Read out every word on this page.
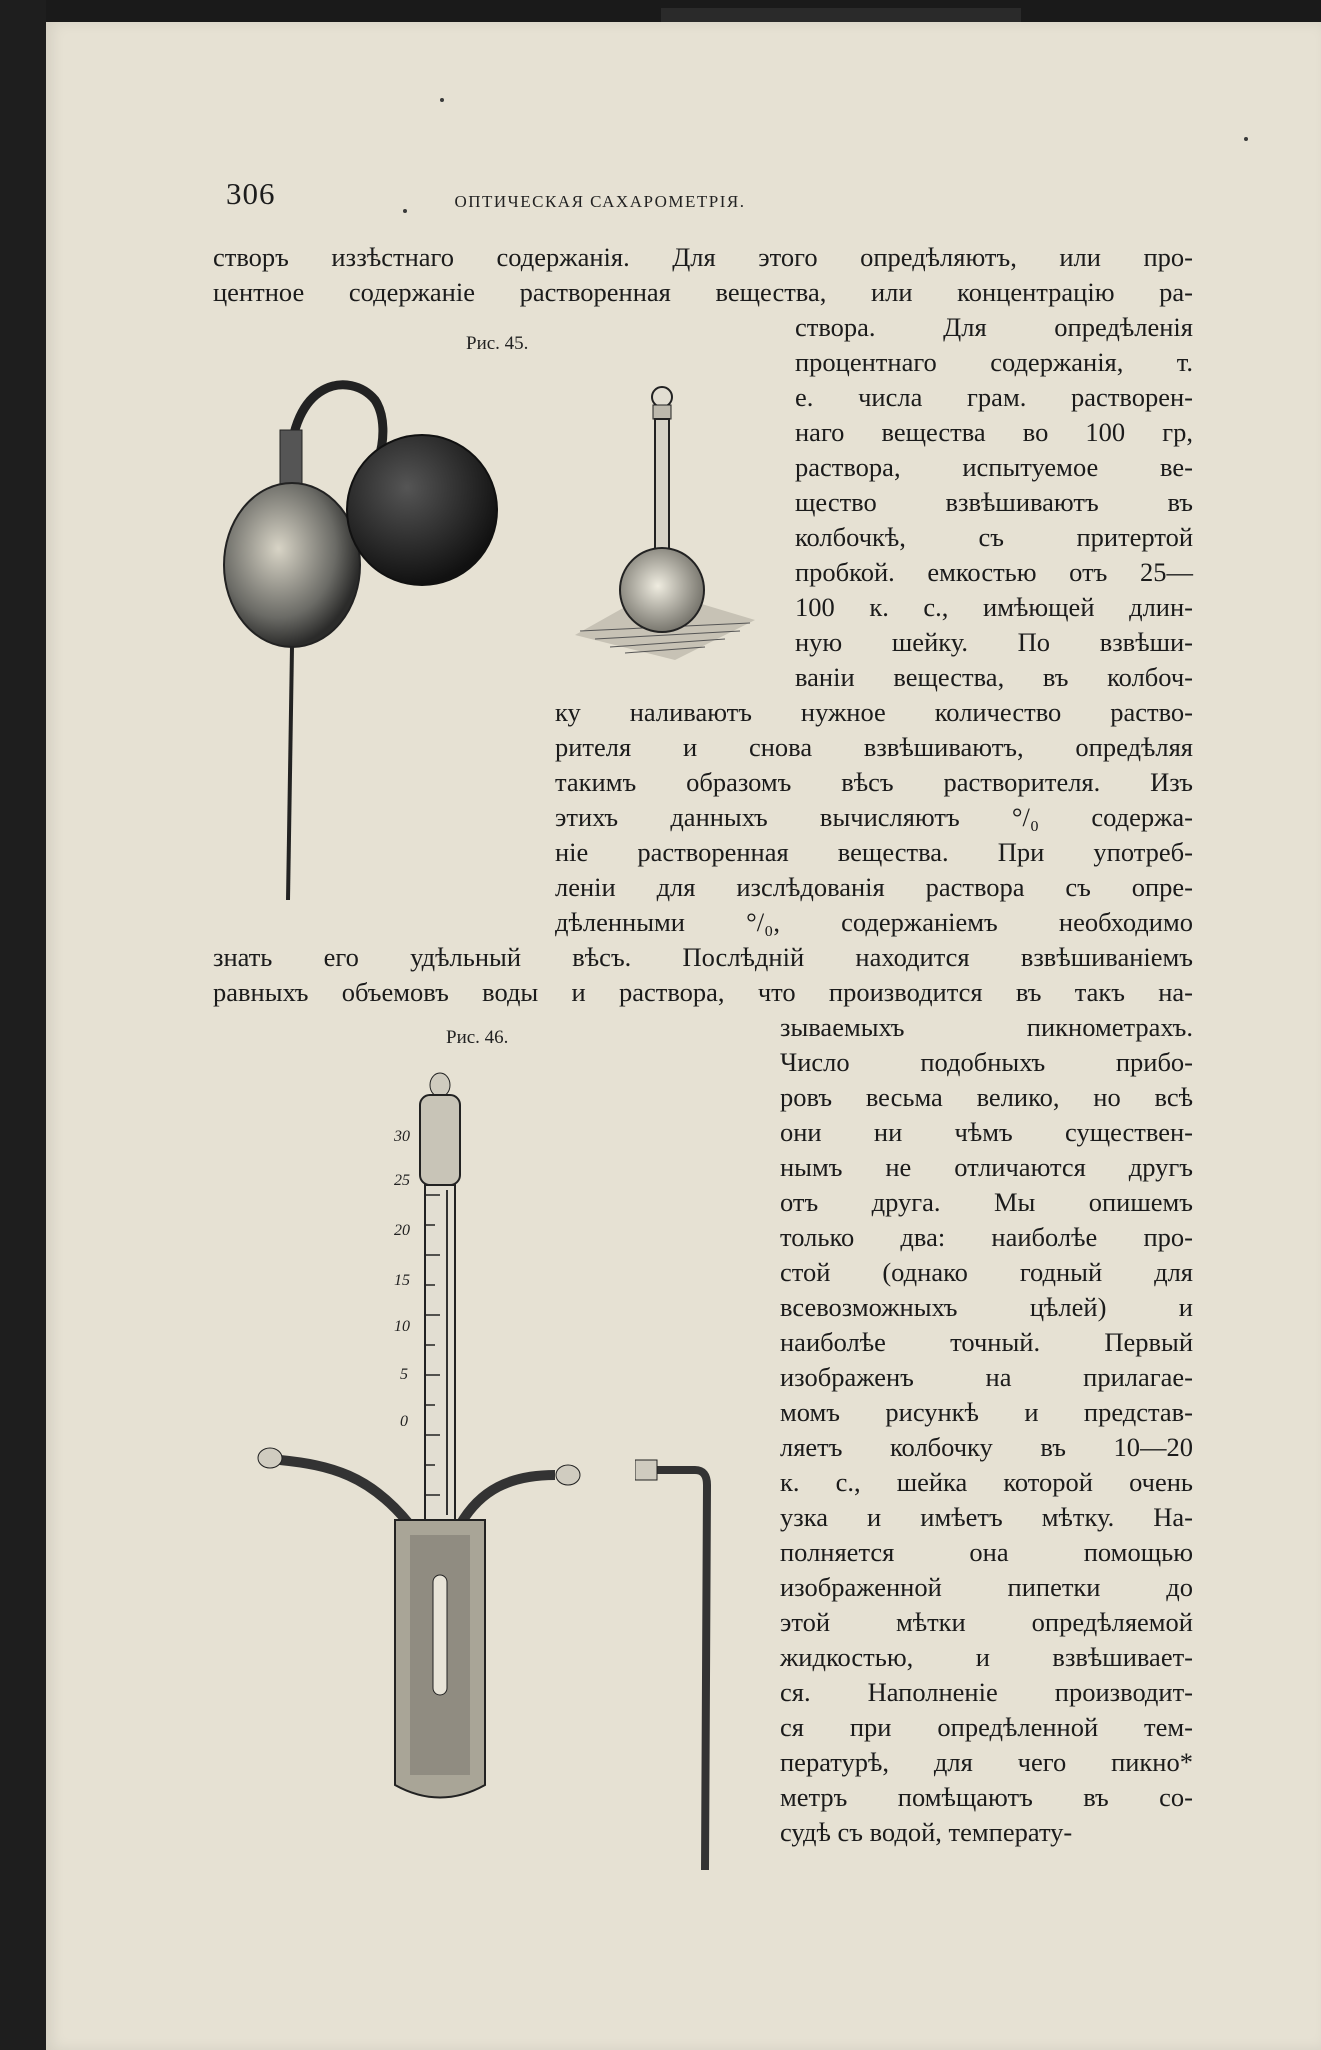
306	ОПТИЧЕСКАЯ САХАРОМЕТРІЯ.
Рис. 45.
Рис. 46.
30
25
20
15
10
5
0
створъ иззѣстнаго содержанія. Для этого опредѣляютъ, или про-
центное содержаніе растворенная вещества, или концентрацію ра-
створа. Для опредѣленія
процентнаго содержанія, т.
е. числа грам. растворен-
наго вещества во 100 гр,
раствора, испытуемое ве-
щество взвѣшиваютъ въ
колбочкѣ, съ притертой
пробкой. емкостью отъ 25—
100 к. с., имѣющей длин-
ную шейку. По взвѣши-
ваніи вещества, въ колбоч-
ку наливаютъ нужное количество раство-
рителя и снова взвѣшиваютъ, опредѣляя
такимъ образомъ вѣсъ растворителя. Изъ
этихъ данныхъ вычисляютъ °/₀ содержа-
ніе растворенная вещества. При употреб-
леніи для изслѣдованія раствора съ опре-
дѣленными °/₀, содержаніемъ необходимо
знать его удѣльный вѣсъ. Послѣдній находится взвѣшиваніемъ
равныхъ объемовъ воды и раствора, что производится въ такъ на-
зываемыхъ пикнометрахъ.
Число подобныхъ прибо-
ровъ весьма велико, но всѣ
они ни чѣмъ существен-
нымъ не отличаются другъ
отъ друга. Мы опишемъ
только два: наиболѣе про-
стой (однако годный для
всевозможныхъ цѣлей) и
наиболѣе точный. Первый
изображенъ на прилагае-
момъ рисункѣ и представ-
ляетъ колбочку въ 10—20
к. с., шейка которой очень
узка и имѣетъ мѣтку. На-
полняется она помощью
изображенной пипетки до
этой мѣтки опредѣляемой
жидкостью, и взвѣшивает-
ся. Наполненіе производит-
ся при опредѣленной тем-
пературѣ, для чего пикно*
метръ помѣщаютъ въ со-
судѣ съ водой, температу-
